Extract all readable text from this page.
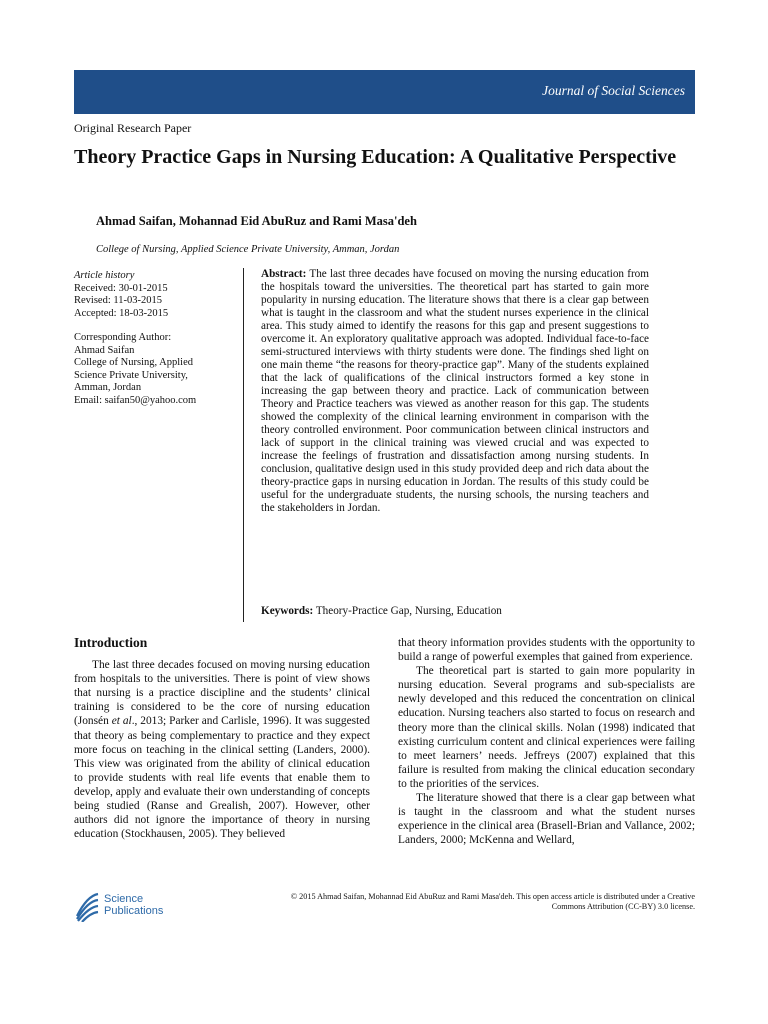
Journal of Social Sciences
Original Research Paper
Theory Practice Gaps in Nursing Education: A Qualitative Perspective
Ahmad Saifan, Mohannad Eid AbuRuz and Rami Masa'deh
College of Nursing, Applied Science Private University, Amman, Jordan
Article history
Received: 30-01-2015
Revised: 11-03-2015
Accepted: 18-03-2015
Corresponding Author:
Ahmad Saifan
College of Nursing, Applied
Science Private University,
Amman, Jordan
Email: saifan50@yahoo.com

Abstract: The last three decades have focused on moving the nursing education from the hospitals toward the universities. The theoretical part has started to gain more popularity in nursing education. The literature shows that there is a clear gap between what is taught in the classroom and what the student nurses experience in the clinical area. This study aimed to identify the reasons for this gap and present suggestions to overcome it. An exploratory qualitative approach was adopted. Individual face-to-face semi-structured interviews with thirty students were done. The findings shed light on one main theme “the reasons for theory-practice gap”. Many of the students explained that the lack of qualifications of the clinical instructors formed a key stone in increasing the gap between theory and practice. Lack of communication between Theory and Practice teachers was viewed as another reason for this gap. The students showed the complexity of the clinical learning environment in comparison with the theory controlled environment. Poor communication between clinical instructors and lack of support in the clinical training was viewed crucial and was expected to increase the feelings of frustration and dissatisfaction among nursing students. In conclusion, qualitative design used in this study provided deep and rich data about the theory-practice gaps in nursing education in Jordan. The results of this study could be useful for the undergraduate students, the nursing schools, the nursing teachers and the stakeholders in Jordan.

Keywords: Theory-Practice Gap, Nursing, Education
Introduction

The last three decades focused on moving nursing education from hospitals to the universities. There is point of view shows that nursing is a practice discipline and the students’ clinical training is considered to be the core of nursing education (Jonsén et al., 2013; Parker and Carlisle, 1996). It was suggested that theory as being complementary to practice and they expect more focus on teaching in the clinical setting (Landers, 2000). This view was originated from the ability of clinical education to provide students with real life events that enable them to develop, apply and evaluate their own understanding of concepts being studied (Ranse and Grealish, 2007). However, other authors did not ignore the importance of theory in nursing education (Stockhausen, 2005). They believed

that theory information provides students with the opportunity to build a range of powerful exemples that gained from experience.

The theoretical part is started to gain more popularity in nursing education. Several programs and sub-specialists are newly developed and this reduced the concentration on clinical education. Nursing teachers also started to focus on research and theory more than the clinical skills. Nolan (1998) indicated that existing curriculum content and clinical experiences were failing to meet learners’ needs. Jeffreys (2007) explained that this failure is resulted from making the clinical education secondary to the priorities of the services.

The literature showed that there is a clear gap between what is taught in the classroom and what the student nurses experience in the clinical area (Brasell-Brian and Vallance, 2002; Landers, 2000; McKenna and Wellard,

Science
Publications
© 2015 Ahmad Saifan, Mohannad Eid AbuRuz and Rami Masa'deh. This open access article is distributed under a Creative
Commons Attribution (CC-BY) 3.0 license.
